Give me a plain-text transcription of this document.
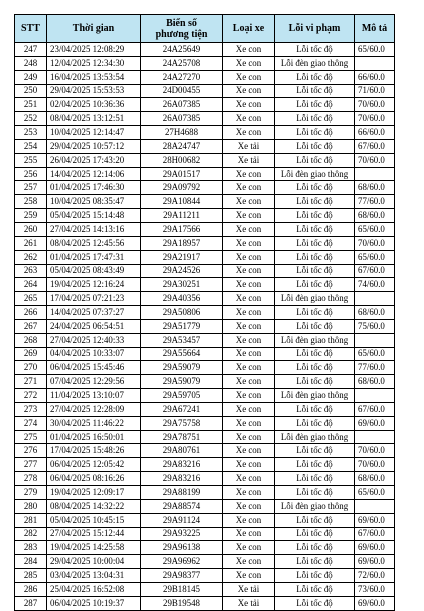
STT	Thời gian	Biển số
phương tiện	Loại xe	Lỗi vi phạm	Mô tả
247	23/04/2025 12:08:29	24A25649	Xe con	Lỗi tốc độ	65/60.0
248	12/04/2025 12:34:30	24A25708	Xe con	Lỗi đèn giao thông	
249	16/04/2025 13:53:54	24A27270	Xe con	Lỗi tốc độ	66/60.0
250	29/04/2025 15:53:53	24D00455	Xe con	Lỗi tốc độ	71/60.0
251	02/04/2025 10:36:36	26A07385	Xe con	Lỗi tốc độ	70/60.0
252	08/04/2025 13:12:51	26A07385	Xe con	Lỗi tốc độ	70/60.0
253	10/04/2025 12:14:47	27H4688	Xe con	Lỗi tốc độ	66/60.0
254	29/04/2025 10:57:12	28A24747	Xe tải	Lỗi tốc độ	67/60.0
255	26/04/2025 17:43:20	28H00682	Xe tải	Lỗi tốc độ	70/60.0
256	14/04/2025 12:14:06	29A01517	Xe con	Lỗi đèn giao thông	
257	01/04/2025 17:46:30	29A09792	Xe con	Lỗi tốc độ	68/60.0
258	10/04/2025 08:35:47	29A10844	Xe con	Lỗi tốc độ	77/60.0
259	05/04/2025 15:14:48	29A11211	Xe con	Lỗi tốc độ	68/60.0
260	27/04/2025 14:13:16	29A17566	Xe con	Lỗi tốc độ	65/60.0
261	08/04/2025 12:45:56	29A18957	Xe con	Lỗi tốc độ	70/60.0
262	01/04/2025 17:47:31	29A21917	Xe con	Lỗi tốc độ	65/60.0
263	05/04/2025 08:43:49	29A24526	Xe con	Lỗi tốc độ	67/60.0
264	19/04/2025 12:16:24	29A30251	Xe con	Lỗi tốc độ	74/60.0
265	17/04/2025 07:21:23	29A40356	Xe con	Lỗi đèn giao thông	
266	14/04/2025 07:37:27	29A50806	Xe con	Lỗi tốc độ	68/60.0
267	24/04/2025 06:54:51	29A51779	Xe con	Lỗi tốc độ	75/60.0
268	27/04/2025 12:40:33	29A53457	Xe con	Lỗi đèn giao thông	
269	04/04/2025 10:33:07	29A55664	Xe con	Lỗi tốc độ	65/60.0
270	06/04/2025 15:45:46	29A59079	Xe con	Lỗi tốc độ	77/60.0
271	07/04/2025 12:29:56	29A59079	Xe con	Lỗi tốc độ	68/60.0
272	11/04/2025 13:10:07	29A59705	Xe con	Lỗi đèn giao thông	
273	27/04/2025 12:28:09	29A67241	Xe con	Lỗi tốc độ	67/60.0
274	30/04/2025 11:46:22	29A75758	Xe con	Lỗi tốc độ	69/60.0
275	01/04/2025 16:50:01	29A78751	Xe con	Lỗi đèn giao thông	
276	17/04/2025 15:48:26	29A80761	Xe con	Lỗi tốc độ	70/60.0
277	06/04/2025 12:05:42	29A83216	Xe con	Lỗi tốc độ	70/60.0
278	06/04/2025 08:16:26	29A83216	Xe con	Lỗi tốc độ	68/60.0
279	19/04/2025 12:09:17	29A88199	Xe con	Lỗi tốc độ	65/60.0
280	08/04/2025 14:32:22	29A88574	Xe con	Lỗi đèn giao thông	
281	05/04/2025 10:45:15	29A91124	Xe con	Lỗi tốc độ	69/60.0
282	27/04/2025 15:12:44	29A93225	Xe con	Lỗi tốc độ	67/60.0
283	19/04/2025 14:25:58	29A96138	Xe con	Lỗi tốc độ	69/60.0
284	29/04/2025 10:00:04	29A96962	Xe con	Lỗi tốc độ	69/60.0
285	03/04/2025 13:04:31	29A98377	Xe con	Lỗi tốc độ	72/60.0
286	25/04/2025 16:52:08	29B18145	Xe tải	Lỗi tốc độ	73/60.0
287	06/04/2025 10:19:37	29B19548	Xe tải	Lỗi tốc độ	69/60.0
